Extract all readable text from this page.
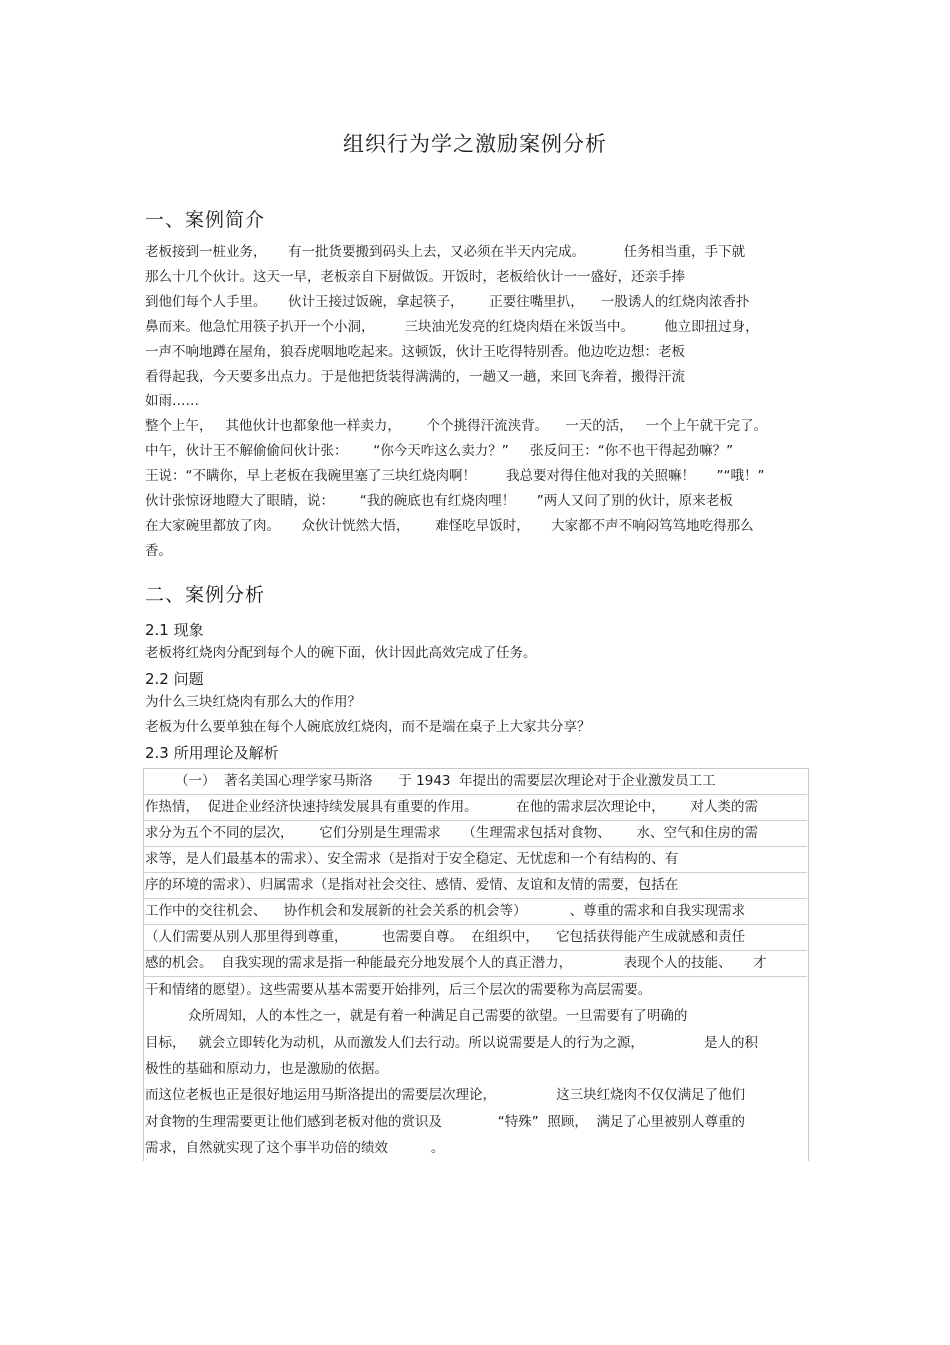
组织行为学之激励案例分析
一、案例简介
老板接到一桩业务，     有一批货要搬到码头上去，又必须在半天内完成。         任务相当重，手下就
那么十几个伙计。这天一早，老板亲自下厨做饭。开饭时，老板给伙计一一盛好，还亲手捧
到他们每个人手里。     伙计王接过饭碗，拿起筷子，      正要往嘴里扒，    一股诱人的红烧肉浓香扑
鼻而来。他急忙用筷子扒开一个小洞，       三块油光发亮的红烧肉焐在米饭当中。       他立即扭过身，
一声不响地蹲在屋角，狼吞虎咽地吃起来。这顿饭，伙计王吃得特别香。他边吃边想：老板
看得起我，今天要多出点力。于是他把货装得满满的，一趟又一趟，来回飞奔着，搬得汗流
如雨……
整个上午，   其他伙计也都象他一样卖力，      个个挑得汗流浃背。    一天的活，   一个上午就干完了。
中午，伙计王不解偷偷问伙计张：      “你今天咋这么卖力？”     张反问王：“你不也干得起劲嘛？”
王说：“不瞒你，早上老板在我碗里塞了三块红烧肉啊！       我总要对得住他对我的关照嘛！     ”“哦！”
伙计张惊讶地瞪大了眼睛，说：      “我的碗底也有红烧肉哩！     ”两人又问了别的伙计，原来老板
在大家碗里都放了肉。     众伙计恍然大悟，      难怪吃早饭时，     大家都不声不响闷笃笃地吃得那么
香。
二、案例分析
2.1 现象
老板将红烧肉分配到每个人的碗下面，伙计因此高效完成了任务。
2.2 问题
为什么三块红烧肉有那么大的作用？
老板为什么要单独在每个人碗底放红烧肉，而不是端在桌子上大家共分享？
2.3 所用理论及解析
（一）  著名美国心理学家马斯洛      于 1943  年提出的需要层次理论对于企业激发员工工
作热情，  促进企业经济快速持续发展具有重要的作用。         在他的需求层次理论中，      对人类的需
求分为五个不同的层次，      它们分别是生理需求     （生理需求包括对食物、      水、空气和住房的需
求等，是人们最基本的需求）、安全需求（是指对于安全稳定、无忧虑和一个有结构的、有
序的环境的需求）、归属需求（是指对社会交往、感情、爱情、友谊和友情的需要，包括在
工作中的交往机会、    协作机会和发展新的社会关系的机会等）          、尊重的需求和自我实现需求
（人们需要从别人那里得到尊重，        也需要自尊。  在组织中，    它包括获得能产生成就感和责任
感的机会。  自我实现的需求是指一种能最充分地发展个人的真正潜力，            表现个人的技能、     才
干和情绪的愿望）。这些需要从基本需要开始排列，后三个层次的需要称为高层需要。
众所周知，人的本性之一，就是有着一种满足自己需要的欲望。一旦需要有了明确的
目标，   就会立即转化为动机，从而激发人们去行动。所以说需要是人的行为之源，              是人的积
极性的基础和原动力，也是激励的依据。
而这位老板也正是很好地运用马斯洛提出的需要层次理论，              这三块红烧肉不仅仅满足了他们
对食物的生理需要更让他们感到老板对他的赏识及             “特殊”  照顾，  满足了心里被别人尊重的
需求，自然就实现了这个事半功倍的绩效          。
